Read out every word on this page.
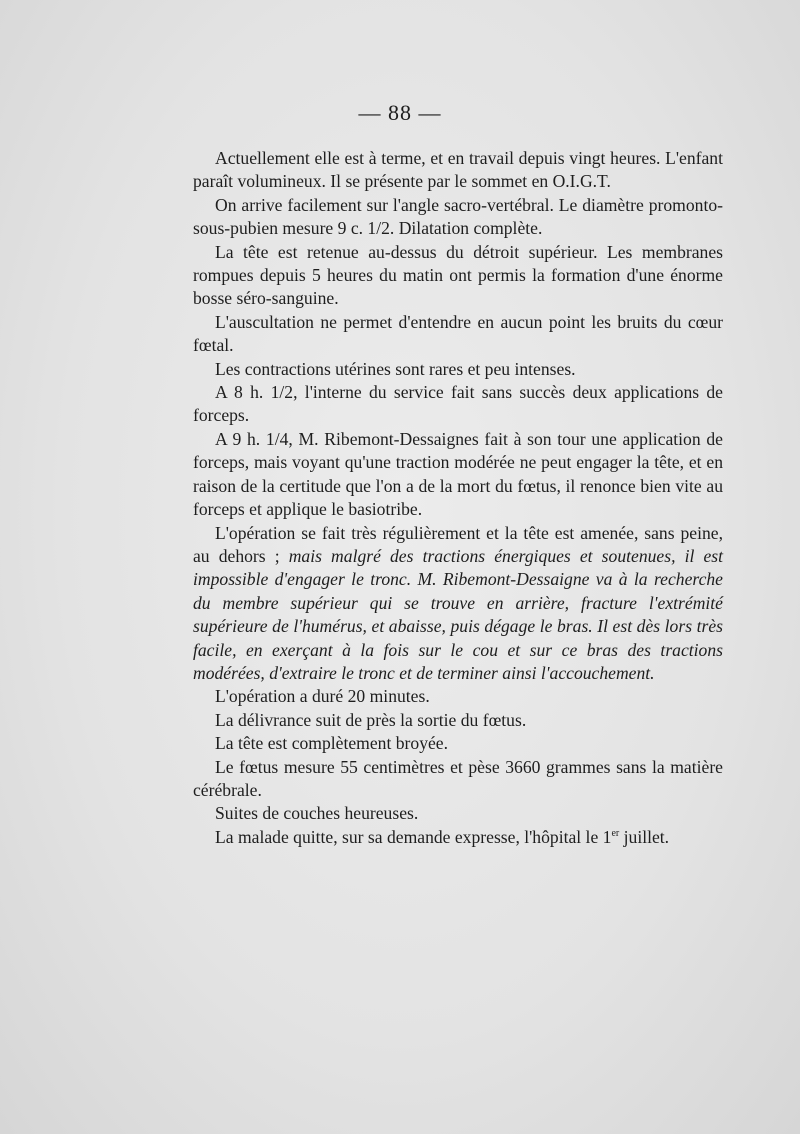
— 88 —

Actuellement elle est à terme, et en travail depuis vingt heures. L'enfant paraît volumineux. Il se présente par le sommet en O.I.G.T.

On arrive facilement sur l'angle sacro-vertébral. Le diamètre promonto-sous-pubien mesure 9 c. 1/2. Dilatation complète.

La tête est retenue au-dessus du détroit supérieur. Les membranes rompues depuis 5 heures du matin ont permis la formation d'une énorme bosse séro-sanguine.

L'auscultation ne permet d'entendre en aucun point les bruits du cœur fœtal.

Les contractions utérines sont rares et peu intenses.

A 8 h. 1/2, l'interne du service fait sans succès deux applications de forceps.

A 9 h. 1/4, M. Ribemont-Dessaignes fait à son tour une application de forceps, mais voyant qu'une traction modérée ne peut engager la tête, et en raison de la certitude que l'on a de la mort du fœtus, il renonce bien vite au forceps et applique le basiotribe.

L'opération se fait très régulièrement et la tête est amenée, sans peine, au dehors ; mais malgré des tractions énergiques et soutenues, il est impossible d'engager le tronc. M. Ribemont-Dessaigne va à la recherche du membre supérieur qui se trouve en arrière, fracture l'extrémité supérieure de l'humérus, et abaisse, puis dégage le bras. Il est dès lors très facile, en exerçant à la fois sur le cou et sur ce bras des tractions modérées, d'extraire le tronc et de terminer ainsi l'accouchement.

L'opération a duré 20 minutes.

La délivrance suit de près la sortie du fœtus.

La tête est complètement broyée.

Le fœtus mesure 55 centimètres et pèse 3660 grammes sans la matière cérébrale.

Suites de couches heureuses.

La malade quitte, sur sa demande expresse, l'hôpital le 1er juillet.
